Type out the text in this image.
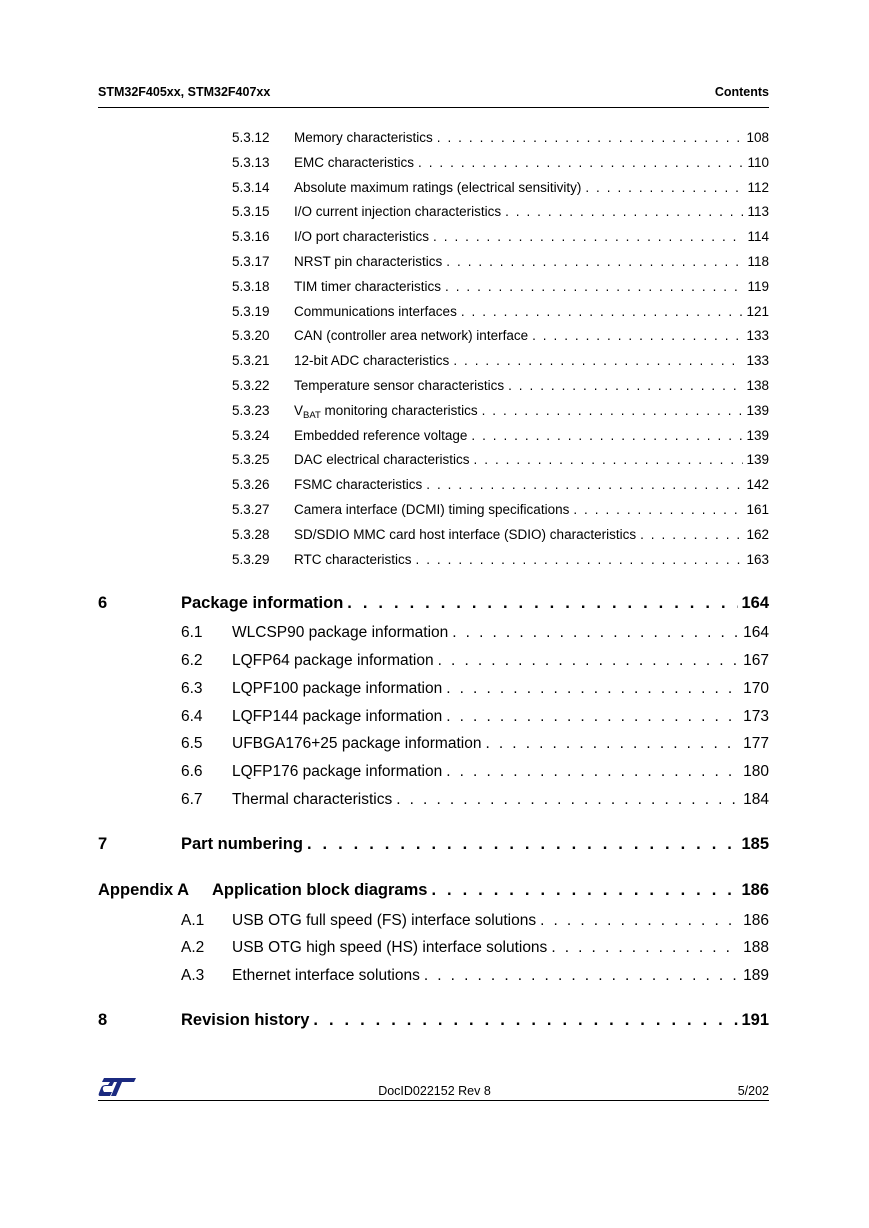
STM32F405xx, STM32F407xx	Contents
5.3.12	Memory characteristics . . .	108
5.3.13	EMC characteristics . . .	110
5.3.14	Absolute maximum ratings (electrical sensitivity) . . .	112
5.3.15	I/O current injection characteristics . . .	113
5.3.16	I/O port characteristics . . .	114
5.3.17	NRST pin characteristics . . .	118
5.3.18	TIM timer characteristics . . .	119
5.3.19	Communications interfaces . . .	121
5.3.20	CAN (controller area network) interface . . .	133
5.3.21	12-bit ADC characteristics . . .	133
5.3.22	Temperature sensor characteristics . . .	138
5.3.23	$V_{BAT}$ monitoring characteristics . . .	139
5.3.24	Embedded reference voltage . . .	139
5.3.25	DAC electrical characteristics . . .	139
5.3.26	FSMC characteristics . . .	142
5.3.27	Camera interface (DCMI) timing specifications . . .	161
5.3.28	SD/SDIO MMC card host interface (SDIO) characteristics . . .	162
5.3.29	RTC characteristics . . .	163
6	Package information . . .	164
6.1	WLCSP90 package information . . .	164
6.2	LQFP64 package information . . .	167
6.3	LQPF100 package information . . .	170
6.4	LQFP144 package information . . .	173
6.5	UFBGA176+25 package information . . .	177
6.6	LQFP176 package information . . .	180
6.7	Thermal characteristics . . .	184
7	Part numbering . . .	185
Appendix A	Application block diagrams . . .	186
A.1	USB OTG full speed (FS) interface solutions . . .	186
A.2	USB OTG high speed (HS) interface solutions . . .	188
A.3	Ethernet interface solutions . . .	189
8	Revision history . . .	191
DocID022152 Rev 8	5/202
